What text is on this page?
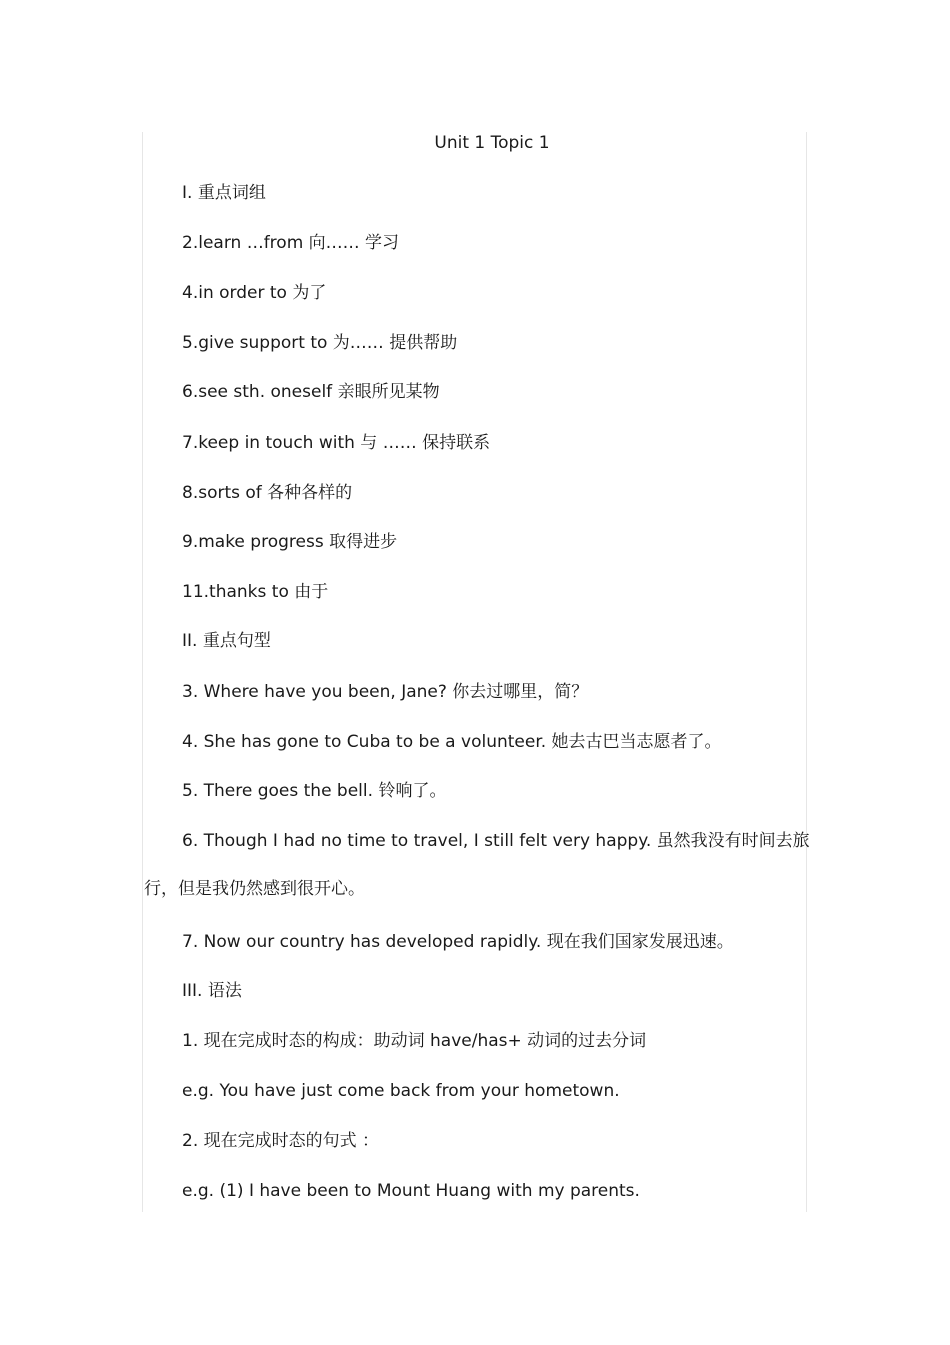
Unit 1 Topic 1
I. 重点词组
2.learn …from 向…… 学习
4.in order to 为了
5.give support to 为…… 提供帮助
6.see sth. oneself 亲眼所见某物
7.keep in touch with 与 …… 保持联系
8.sorts of 各种各样的
9.make progress 取得进步
11.thanks to 由于
II. 重点句型
3. Where have you been, Jane? 你去过哪里，简？
4. She has gone to Cuba to be a volunteer. 她去古巴当志愿者了。
5. There goes the bell. 铃响了。
6. Though I had no time to travel, I still felt very happy. 虽然我没有时间去旅
行，但是我仍然感到很开心。
7. Now our country has developed rapidly. 现在我们国家发展迅速。
III. 语法
1. 现在完成时态的构成：助动词 have/has+ 动词的过去分词
e.g. You have just come back from your hometown.
2. 现在完成时态的句式 ：
e.g. (1) I have been to Mount Huang with my parents.
